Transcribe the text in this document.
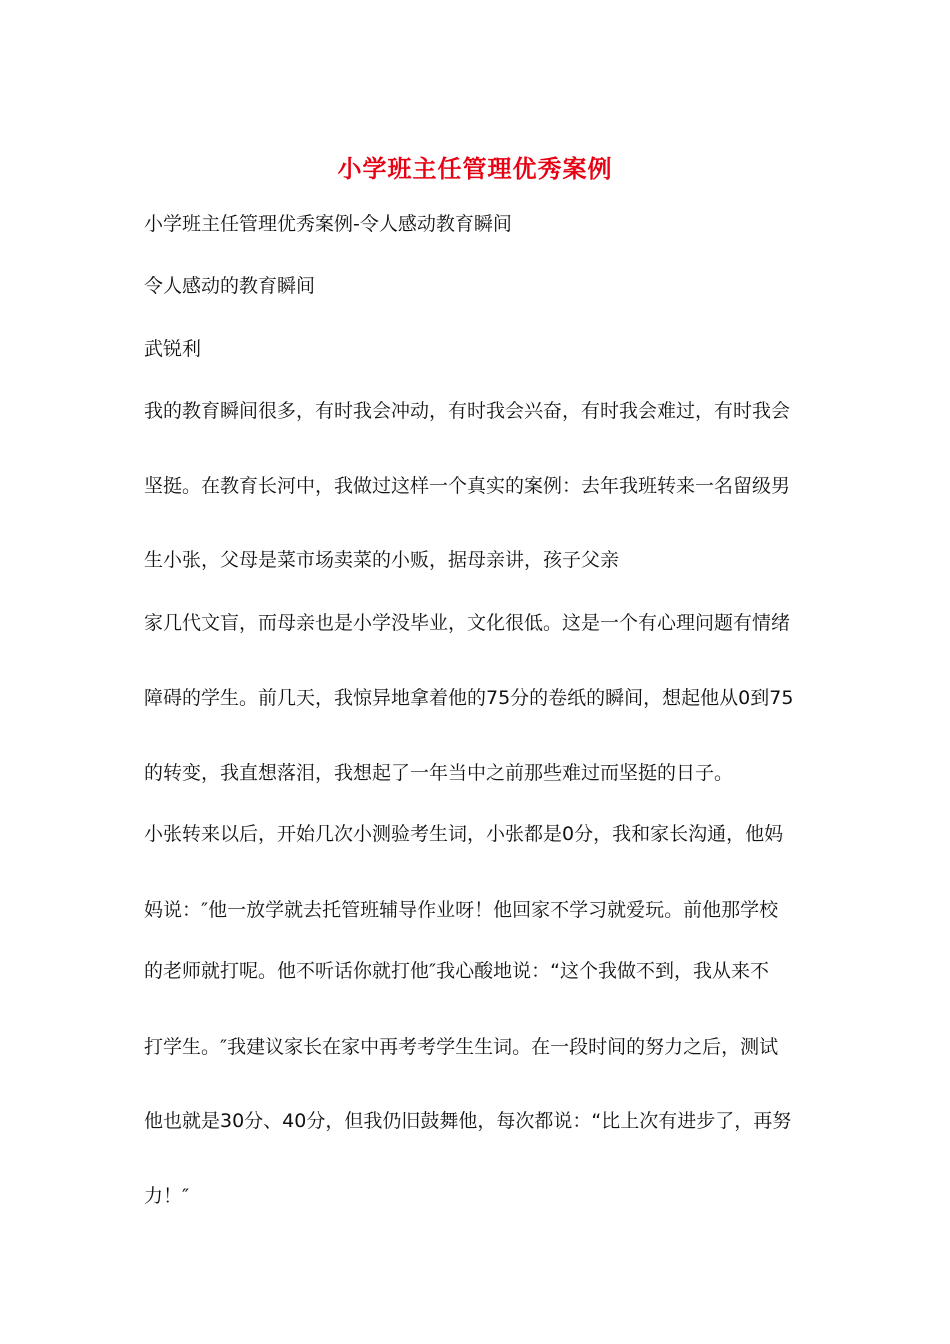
小学班主任管理优秀案例
小学班主任管理优秀案例-令人感动教育瞬间
令人感动的教育瞬间
武锐利
我的教育瞬间很多，有时我会冲动，有时我会兴奋，有时我会难过，有时我会
坚挺。在教育长河中，我做过这样一个真实的案例：去年我班转来一名留级男
生小张，父母是菜市场卖菜的小贩，据母亲讲，孩子父亲
家几代文盲，而母亲也是小学没毕业，文化很低。这是一个有心理问题有情绪
障碍的学生。前几天，我惊异地拿着他的75分的卷纸的瞬间，想起他从0到75
的转变，我直想落泪，我想起了一年当中之前那些难过而坚挺的日子。
小张转来以后，开始几次小测验考生词，小张都是0分，我和家长沟通，他妈
妈说：″他一放学就去托管班辅导作业呀！他回家不学习就爱玩。前他那学校
的老师就打呢。他不听话你就打他″我心酸地说：“这个我做不到，我从来不
打学生。″我建议家长在家中再考考学生生词。在一段时间的努力之后，测试
他也就是30分、40分，但我仍旧鼓舞他，每次都说：“比上次有进步了，再努
力！″
